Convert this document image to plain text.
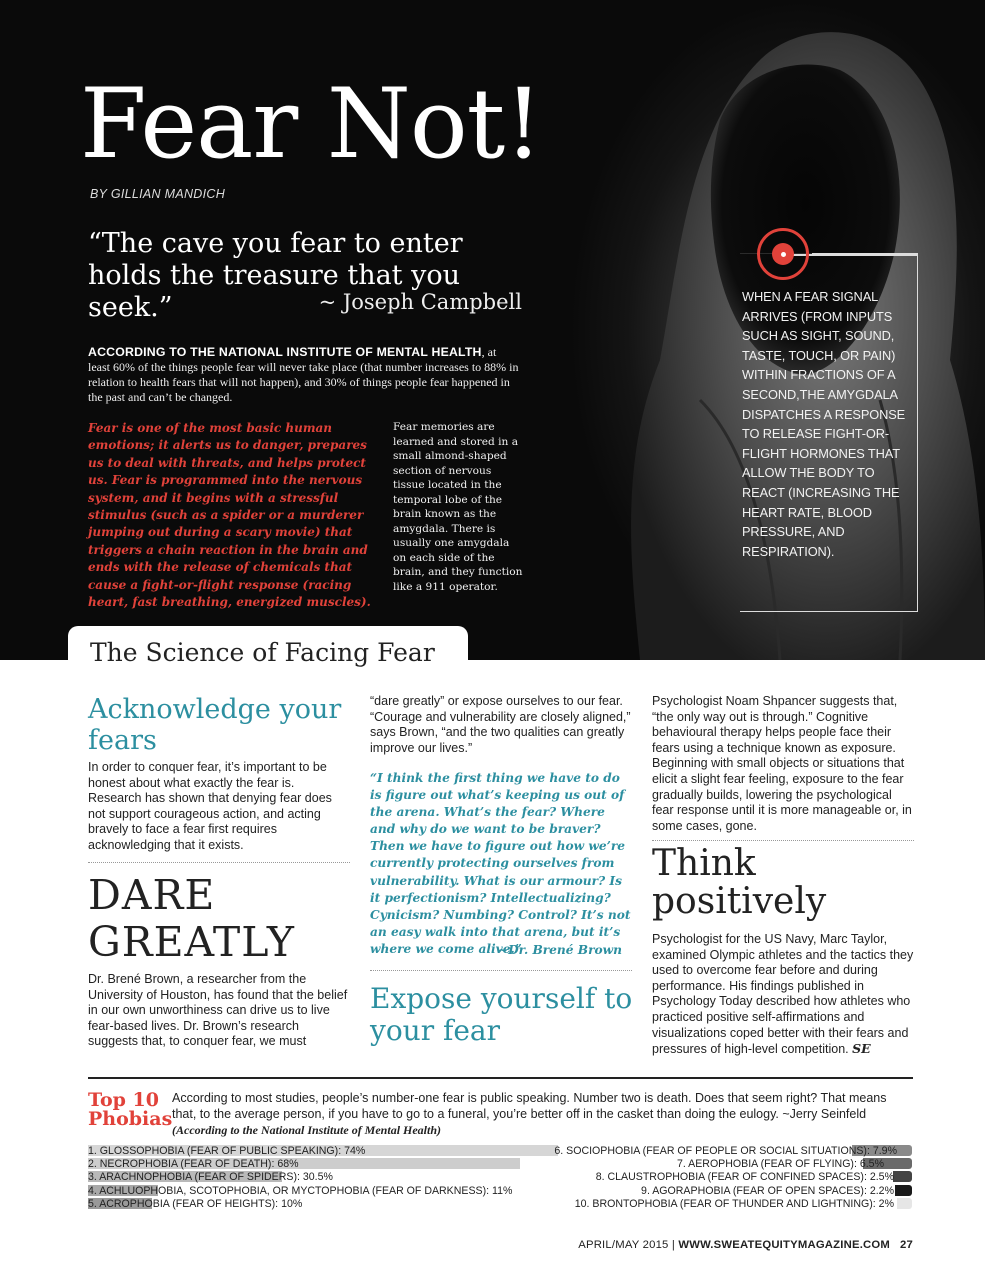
Fear Not!
BY GILLIAN MANDICH
“The cave you fear to enter holds the treasure that you seek.”	~ Joseph Campbell
ACCORDING TO THE NATIONAL INSTITUTE OF MENTAL HEALTH, at least 60% of the things people fear will never take place (that number increases to 88% in relation to health fears that will not happen), and 30% of things people fear happened in the past and can’t be changed.
Fear is one of the most basic human emotions; it alerts us to danger, prepares us to deal with threats, and helps protect us. Fear is programmed into the nervous system, and it begins with a stressful stimulus (such as a spider or a murderer jumping out during a scary movie) that triggers a chain reaction in the brain and ends with the release of chemicals that cause a fight-or-flight response (racing heart, fast breathing, energized muscles).
Fear memories are learned and stored in a small almond-shaped section of nervous tissue located in the temporal lobe of the brain known as the amygdala. There is usually one amygdala on each side of the brain, and they function like a 911 operator.
WHEN A FEAR SIGNAL ARRIVES (FROM INPUTS SUCH AS SIGHT, SOUND, TASTE, TOUCH, OR PAIN) WITHIN FRACTIONS OF A SECOND,THE AMYGDALA DISPATCHES A RESPONSE TO RELEASE FIGHT-OR-FLIGHT HORMONES THAT ALLOW THE BODY TO REACT (INCREASING THE HEART RATE, BLOOD PRESSURE, AND RESPIRATION).
The Science of Facing Fear
Acknowledge your fears
In order to conquer fear, it’s important to be honest about what exactly the fear is. Research has shown that denying fear does not support courageous action, and acting bravely to face a fear first requires acknowledging that it exists.
DARE GREATLY
Dr. Brené Brown, a researcher from the University of Houston, has found that the belief in our own unworthiness can drive us to live fear-based lives. Dr. Brown’s research suggests that, to conquer fear, we must
“dare greatly” or expose ourselves to our fear. “Courage and vulnerability are closely aligned,” says Brown, “and the two qualities can greatly improve our lives.”
“I think the first thing we have to do is figure out what’s keeping us out of the arena. What’s the fear? Where and why do we want to be braver? Then we have to figure out how we’re currently protecting ourselves from vulnerability. What is our armour? Is it perfectionism? Intellectualizing? Cynicism? Numbing? Control? It’s not an easy walk into that arena, but it’s where we come alive.”
~Dr. Brené Brown
Expose yourself to your fear
Psychologist Noam Shpancer suggests that, “the only way out is through.” Cognitive behavioural therapy helps people face their fears using a technique known as exposure. Beginning with small objects or situations that elicit a slight fear feeling, exposure to the fear gradually builds, lowering the psychological fear response until it is more manageable or, in some cases, gone.
Think positively
Psychologist for the US Navy, Marc Taylor, examined Olympic athletes and the tactics they used to overcome fear before and during performance. His findings published in Psychology Today described how athletes who practiced positive self-affirmations and visualizations coped better with their fears and pressures of high-level competition. SE
Top 10 Phobias
According to most studies, people’s number-one fear is public speaking. Number two is death. Does that seem right? That means that, to the average person, if you have to go to a funeral, you’re better off in the casket than doing the eulogy. ~Jerry Seinfeld (According to the National Institute of Mental Health)
1. GLOSSOPHOBIA (FEAR OF PUBLIC SPEAKING): 74%
2. NECROPHOBIA (FEAR OF DEATH): 68%
3. ARACHNOPHOBIA (FEAR OF SPIDERS): 30.5%
4. ACHLUOPHOBIA, SCOTOPHOBIA, OR MYCTOPHOBIA (FEAR OF DARKNESS): 11%
5. ACROPHOBIA (FEAR OF HEIGHTS): 10%
6. SOCIOPHOBIA (FEAR OF PEOPLE OR SOCIAL SITUATIONS): 7.9%
7. AEROPHOBIA (FEAR OF FLYING): 6.5%
8. CLAUSTROPHOBIA (FEAR OF CONFINED SPACES): 2.5%
9. AGORAPHOBIA (FEAR OF OPEN SPACES): 2.2%
10. BRONTOPHOBIA (FEAR OF THUNDER AND LIGHTNING): 2%
APRIL/MAY 2015 | WWW.SWEATEQUITYMAGAZINE.COM 27
